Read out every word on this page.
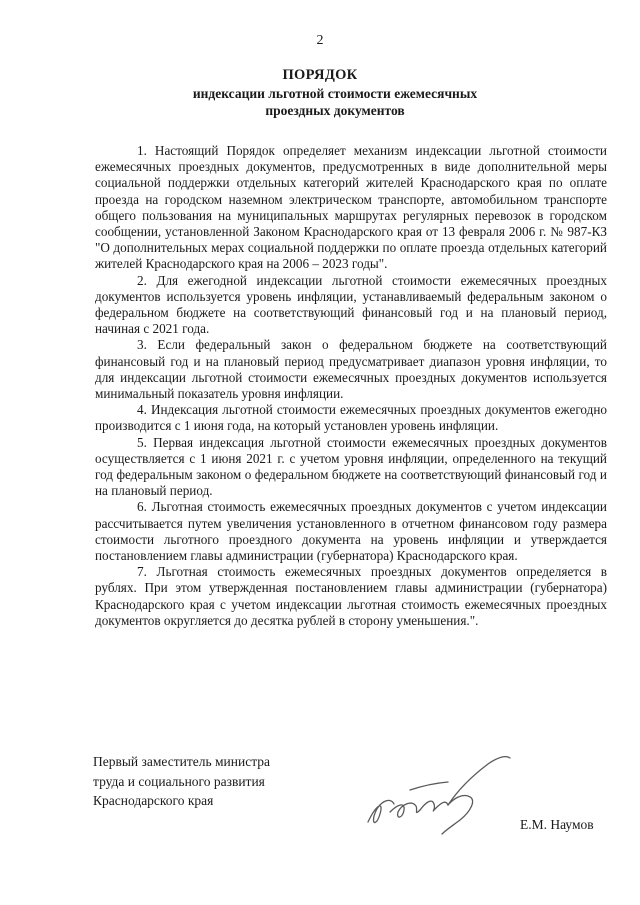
2
ПОРЯДОК
индексации льготной стоимости ежемесячных проездных документов

1. Настоящий Порядок определяет механизм индексации льготной стоимости ежемесячных проездных документов, предусмотренных в виде дополнительной меры социальной поддержки отдельных категорий жителей Краснодарского края по оплате проезда на городском наземном электрическом транспорте, автомобильном транспорте общего пользования на муниципальных маршрутах регулярных перевозок в городском сообщении, установленной Законом Краснодарского края от 13 февраля 2006 г. № 987-КЗ "О дополнительных мерах социальной поддержки по оплате проезда отдельных категорий жителей Краснодарского края на 2006 – 2023 годы".

2. Для ежегодной индексации льготной стоимости ежемесячных проездных документов используется уровень инфляции, устанавливаемый федеральным законом о федеральном бюджете на соответствующий финансовый год и на плановый период, начиная с 2021 года.

3. Если федеральный закон о федеральном бюджете на соответствующий финансовый год и на плановый период предусматривает диапазон уровня инфляции, то для индексации льготной стоимости ежемесячных проездных документов используется минимальный показатель уровня инфляции.

4. Индексация льготной стоимости ежемесячных проездных документов ежегодно производится с 1 июня года, на который установлен уровень инфляции.

5. Первая индексация льготной стоимости ежемесячных проездных документов осуществляется с 1 июня 2021 г. с учетом уровня инфляции, определенного на текущий год федеральным законом о федеральном бюджете на соответствующий финансовый год и на плановый период.

6. Льготная стоимость ежемесячных проездных документов с учетом индексации рассчитывается путем увеличения установленного в отчетном финансовом году размера стоимости льготного проездного документа на уровень инфляции и утверждается постановлением главы администрации (губернатора) Краснодарского края.

7. Льготная стоимость ежемесячных проездных документов определяется в рублях. При этом утвержденная постановлением главы администрации (губернатора) Краснодарского края с учетом индексации льготная стоимость ежемесячных проездных документов округляется до десятка рублей в сторону уменьшения.".

Первый заместитель министра
труда и социального развития
Краснодарского края
Е.М. Наумов
